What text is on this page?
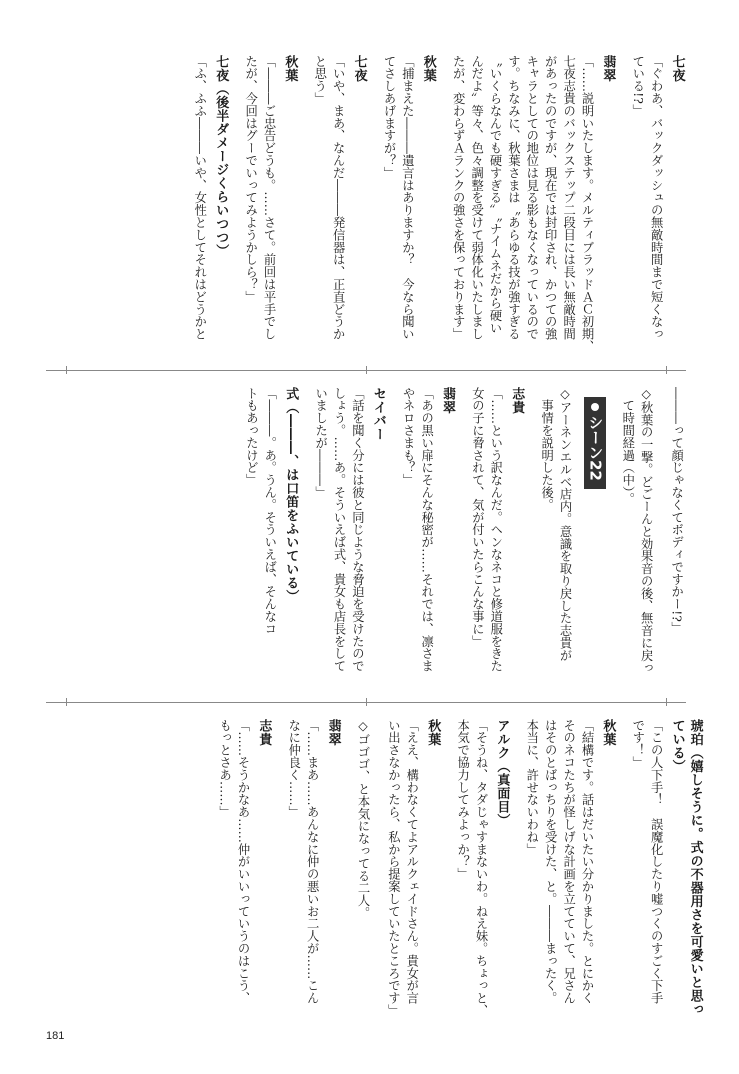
七夜
「ぐわあ、バックダッシュの無敵時間まで短くなっ
ている!?」
翡翠
「……説明いたします。メルティブラッドＡＣ初期、
七夜志貴のバックステップ二段目には長い無敵時間
があったのですが、現在では封印され、かつての強
キャラとしての地位は見る影もなくなっているので
す。ちなみに、秋葉さまは〝あらゆる技が強すぎる
〝いくらなんでも硬すぎる〟〝ナイムネだから硬い
んだよ〟等々、色々調整を受けて弱体化いたしまし
たが、変わらずＡランクの強さを保っております」
秋葉
「捕まえた―――遺言はありますか？　今なら聞い
てさしあげますが？」
七夜
「いや、まあ、なんだ―――発信器は、正直どうか
と思う」
秋葉
「―――ご忠告どうも。……さて。前回は平手でし
たが、今回はグーでいってみようかしら？」
七夜（後半ダメージくらいつつ）
「ふ、ふふ―――いや、女性としてそれはどうかと
―――って顔じゃなくてボディですかー!?」
◇秋葉の一撃。どごーんと効果音の後、無音に戻っ
　て時間経過（中）。
シーン22
◇アーネンエルベ店内。意識を取り戻した志貴が
　事情を説明した後。
志貴
「……という訳なんだ。ヘンなネコと修道服をきた
女の子に脅されて、気が付いたらこんな事に」
翡翠
「あの黒い扉にそんな秘密が……それでは、凛さま
やネロさまも？」
セイバー
「話を聞く分には彼と同じような脅迫を受けたので
しょう。……あ。そういえば式、貴女も店長をして
いましたが―――」
式（―――、は口笛をふいている）
「―――。あ。うん。そういえば、そんなコ
トもあったけど」
琥珀（嬉しそうに。式の不器用さを可愛いと思っている）
「この人下手！　誤魔化したり嘘つくのすごく下手
です！」
秋葉
「結構です。話はだいたい分かりました。とにかく
そのネコたちが怪しげな計画を立てていて、兄さん
はそのとばっちりを受けた、と。―――まったく。
本当に、許せないわね」
アルク（真面目）
「そうね、タダじゃすまないわ。ねえ妹。ちょっと、
本気で協力してみよっか？」
秋葉
「ええ、構わなくてよアルクェイドさん。貴女が言
い出さなかったら、私から提案していたところです」
◇ゴゴゴ、と本気になってる二人。
翡翠
「……まあ……あんなに仲の悪いお二人が……こん
なに仲良く……」
志貴
「……そうかなあ……仲がいいっていうのはこう、
もっとさあ……」
181
